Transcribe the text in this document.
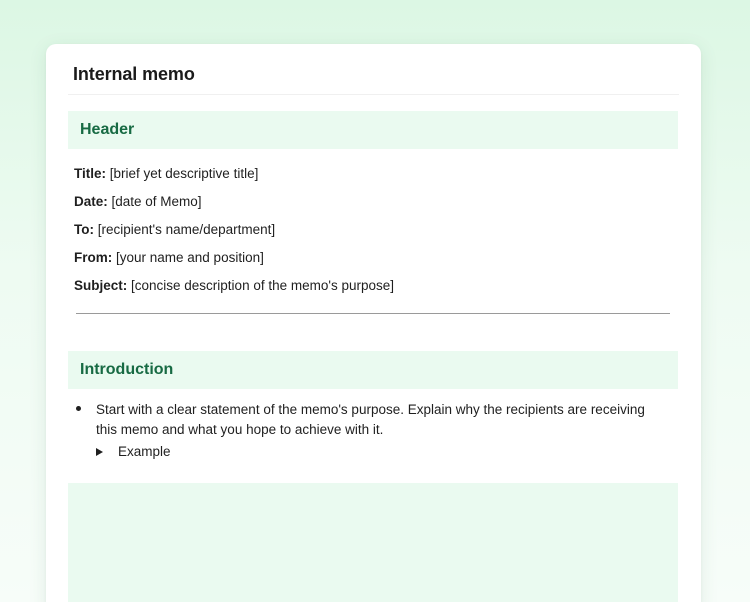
Internal memo
Header
Title: [brief yet descriptive title]
Date: [date of Memo]
To: [recipient's name/department]
From: [your name and position]
Subject: [concise description of the memo's purpose]
Introduction
Start with a clear statement of the memo's purpose. Explain why the recipients are receiving this memo and what you hope to achieve with it.
Example
